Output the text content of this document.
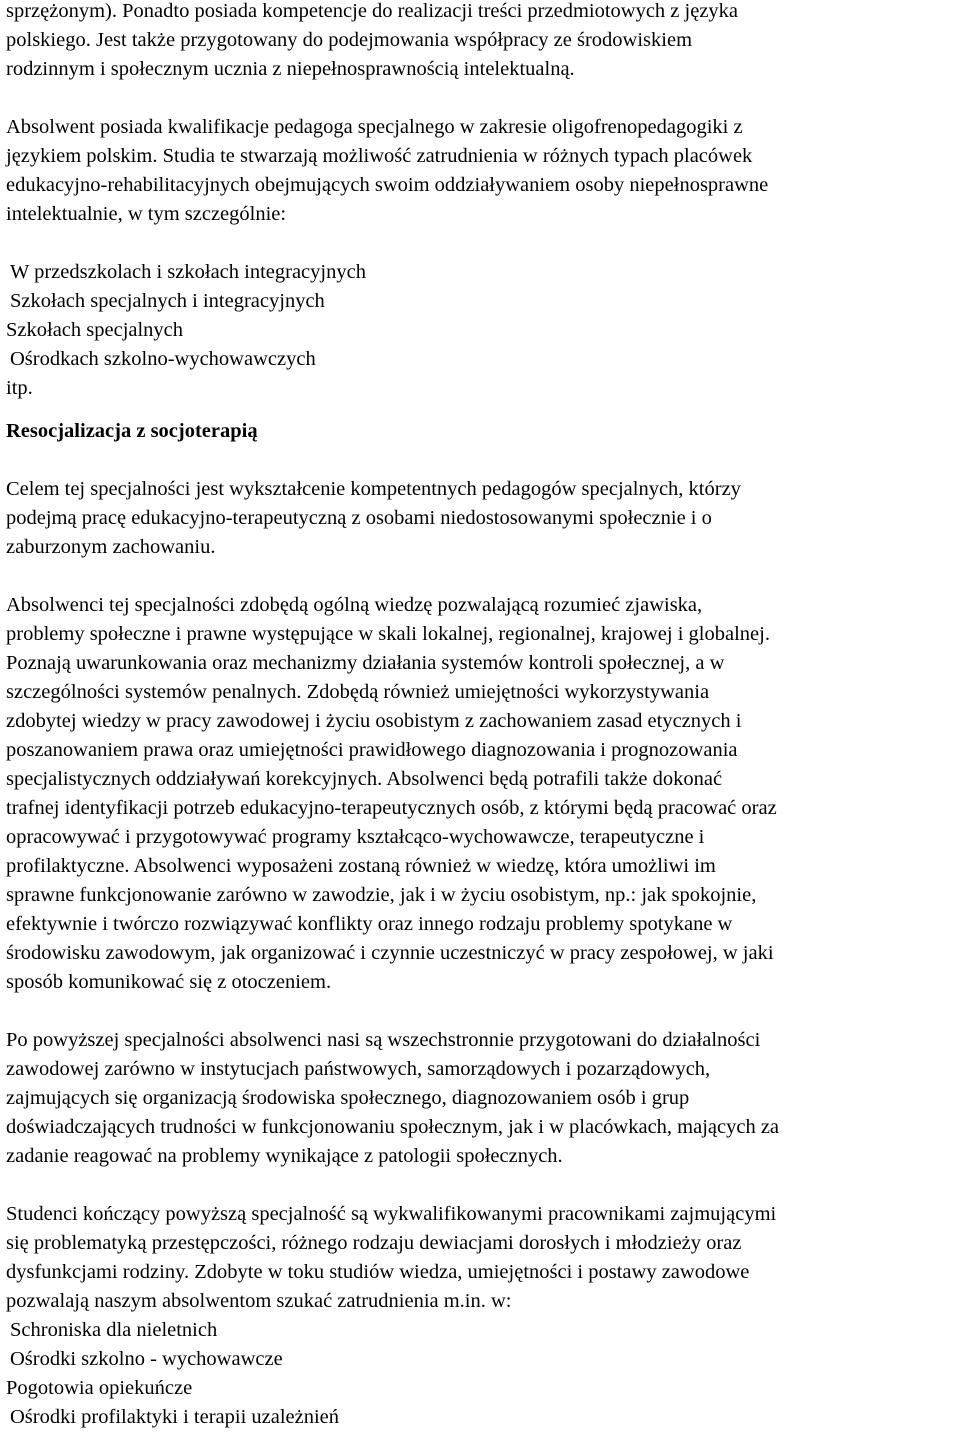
sprzężonym). Ponadto posiada kompetencje do realizacji treści przedmiotowych z języka
polskiego. Jest także przygotowany do podejmowania współpracy ze środowiskiem
rodzinnym i społecznym ucznia z niepełnosprawnością intelektualną.
Absolwent posiada kwalifikacje pedagoga specjalnego w zakresie oligofrenopedagogiki z
językiem polskim. Studia te stwarzają możliwość zatrudnienia w różnych typach placówek
edukacyjno-rehabilitacyjnych obejmujących swoim oddziaływaniem osoby niepełnosprawne
intelektualnie, w tym szczególnie:
W przedszkolach i szkołach integracyjnych
Szkołach specjalnych i integracyjnych
Szkołach specjalnych
Ośrodkach szkolno-wychowawczych
itp.
Resocjalizacja z socjoterapią
Celem tej specjalności jest wykształcenie kompetentnych pedagogów specjalnych, którzy
podejmą pracę edukacyjno-terapeutyczną z osobami niedostosowanymi społecznie i o
zaburzonym zachowaniu.
Absolwenci tej specjalności zdobędą ogólną wiedzę pozwalającą rozumieć zjawiska,
problemy społeczne i prawne występujące w skali lokalnej, regionalnej, krajowej i globalnej.
Poznają uwarunkowania oraz mechanizmy działania systemów kontroli społecznej, a w
szczególności systemów penalnych. Zdobędą również umiejętności wykorzystywania
zdobytej wiedzy w pracy zawodowej i życiu osobistym z zachowaniem zasad etycznych i
poszanowaniem prawa oraz umiejętności prawidłowego diagnozowania i prognozowania
specjalistycznych oddziaływań korekcyjnych. Absolwenci będą potrafili także dokonać
trafnej identyfikacji potrzeb edukacyjno-terapeutycznych osób, z którymi będą pracować oraz
opracowywać i przygotowywać programy kształcąco-wychowawcze, terapeutyczne i
profilaktyczne. Absolwenci wyposażeni zostaną również w wiedzę, która umożliwi im
sprawne funkcjonowanie zarówno w zawodzie, jak i w życiu osobistym, np.: jak spokojnie,
efektywnie i twórczo rozwiązywać konflikty oraz innego rodzaju problemy spotykane w
środowisku zawodowym, jak organizować i czynnie uczestniczyć w pracy zespołowej, w jaki
sposób komunikować się z otoczeniem.
Po powyższej specjalności absolwenci nasi są wszechstronnie przygotowani do działalności
zawodowej zarówno w instytucjach państwowych, samorządowych i pozarządowych,
zajmujących się organizacją środowiska społecznego, diagnozowaniem osób i grup
doświadczających trudności w funkcjonowaniu społecznym, jak i w placówkach, mających za
zadanie reagować na problemy wynikające z patologii społecznych.
Studenci kończący powyższą specjalność są wykwalifikowanymi pracownikami zajmującymi
się problematyką przestępczości, różnego rodzaju dewiacjami dorosłych i młodzieży oraz
dysfunkcjami rodziny. Zdobyte w toku studiów wiedza, umiejętności i postawy zawodowe
pozwalają naszym absolwentom szukać zatrudnienia m.in. w:
Schroniska dla nieletnich
Ośrodki szkolno - wychowawcze
Pogotowia opiekuńcze
Ośrodki profilaktyki i terapii uzależnień
